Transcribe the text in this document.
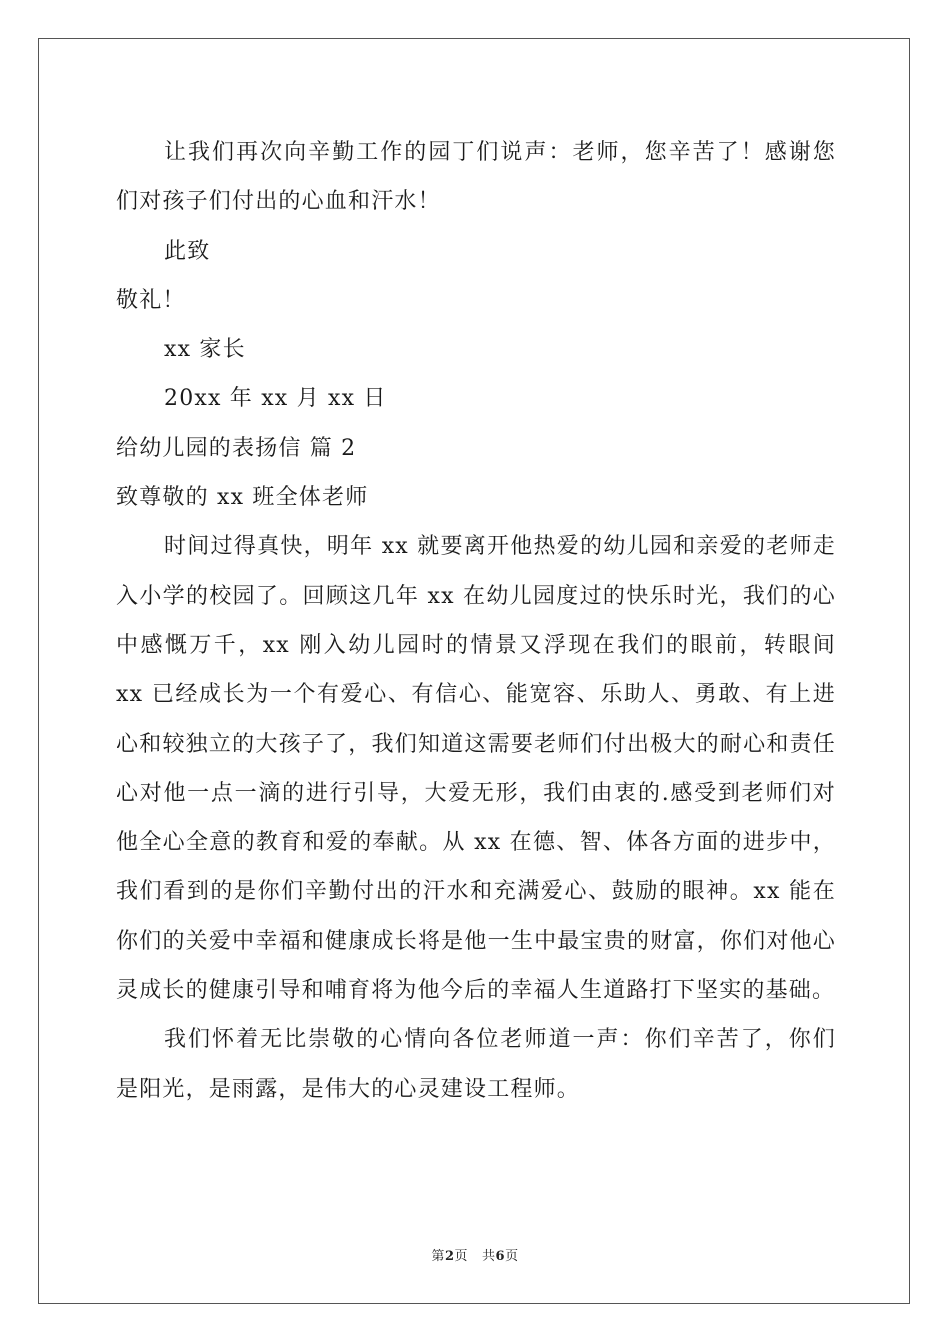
让我们再次向辛勤工作的园丁们说声：老师，您辛苦了！感谢您们对孩子们付出的心血和汗水！

此致

敬礼！

xx 家长

20xx 年 xx 月 xx 日

给幼儿园的表扬信 篇 2

致尊敬的 xx 班全体老师

时间过得真快，明年 xx 就要离开他热爱的幼儿园和亲爱的老师走入小学的校园了。回顾这几年 xx 在幼儿园度过的快乐时光，我们的心中感慨万千，xx 刚入幼儿园时的情景又浮现在我们的眼前，转眼间 xx 已经成长为一个有爱心、有信心、能宽容、乐助人、勇敢、有上进心和较独立的大孩子了，我们知道这需要老师们付出极大的耐心和责任心对他一点一滴的进行引导，大爱无形，我们由衷的.感受到老师们对他全心全意的教育和爱的奉献。从 xx 在德、智、体各方面的进步中，我们看到的是你们辛勤付出的汗水和充满爱心、鼓励的眼神。xx 能在你们的关爱中幸福和健康成长将是他一生中最宝贵的财富，你们对他心灵成长的健康引导和哺育将为他今后的幸福人生道路打下坚实的基础。

我们怀着无比崇敬的心情向各位老师道一声：你们辛苦了，你们是阳光，是雨露，是伟大的心灵建设工程师。

第2页 共6页
